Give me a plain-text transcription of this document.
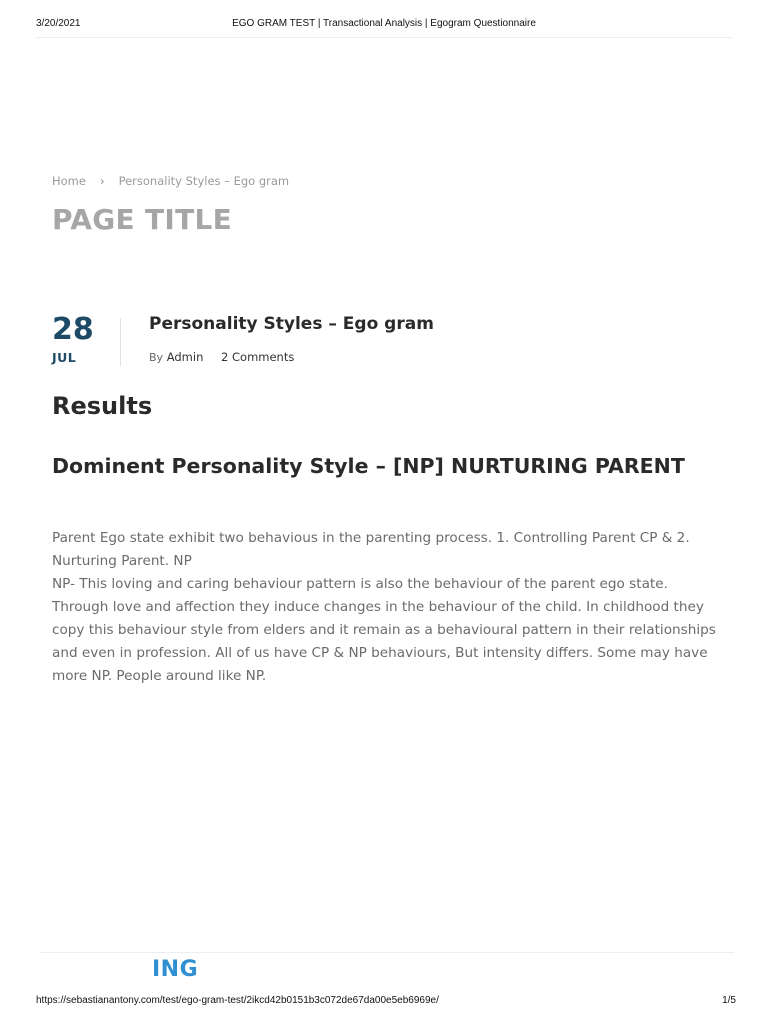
3/20/2021	EGO GRAM TEST | Transactional Analysis | Egogram Questionnaire
Home › Personality Styles – Ego gram
PAGE TITLE
28
JUL
Personality Styles – Ego gram
By Admin 2 Comments
Results
Dominent Personality Style – [NP] NURTURING PARENT

Parent Ego state exhibit two behavious in the parenting process. 1. Controlling Parent CP & 2. Nurturing Parent. NP

NP- This loving and caring behaviour pattern is also the behaviour of the parent ego state. Through love and affection they induce changes in the behaviour of the child. In childhood they copy this behaviour style from elders and it remain as a behavioural pattern in their relationships and even in profession. All of us have CP & NP behaviours, But intensity differs. Some may have more NP. People around like NP.

ING
https://sebastianantony.com/test/ego-gram-test/2ikcd42b0151b3c072de67da00e5eb6969e/	1/5
